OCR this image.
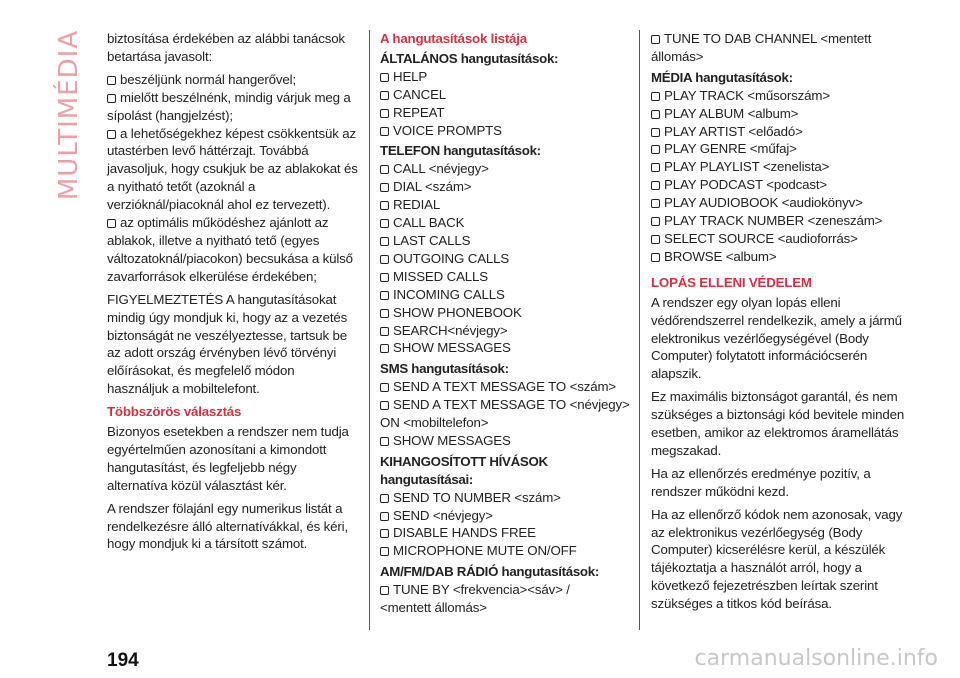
MULTIMÉDIA biztosítása érdekében az alábbi tanácsok betartása javasolt:

beszéljünk normál hangerővel;
mielőtt beszélnénk, mindig várjuk meg a sípolást (hangjelzést);
a lehetőségekhez képest csökkentsük az utastérben levő háttérzajt. Továbbá javasoljuk, hogy csukjuk be az ablakokat és a nyitható tetőt (azoknál a verzióknál/piacoknál ahol ez tervezett).
az optimális működéshez ajánlott az ablakok, illetve a nyitható tető (egyes változatoknál/piacokon) becsukása a külső zavarforrások elkerülése érdekében;

FIGYELMEZTETÉS A hangutasításokat mindig úgy mondjuk ki, hogy az a vezetés biztonságát ne veszélyeztesse, tartsuk be az adott ország érvényben lévő törvényi előírásokat, és megfelelő módon használjuk a mobiltelefont.

Többszörös választás

Bizonyos esetekben a rendszer nem tudja egyértelműen azonosítani a kimondott hangutasítást, és legfeljebb négy alternatíva közül választást kér.

A rendszer fölajánl egy numerikus listát a rendelkezésre álló alternatívákkal, és kéri, hogy mondjuk ki a társított számot.

A hangutasítások listája
ÁLTALÁNOS hangutasítások:
HELP
CANCEL
REPEAT
VOICE PROMPTS
TELEFON hangutasítások:
CALL <névjegy>
DIAL <szám>
REDIAL
CALL BACK
LAST CALLS
OUTGOING CALLS
MISSED CALLS
INCOMING CALLS
SHOW PHONEBOOK
SEARCH<névjegy>
SHOW MESSAGES
SMS hangutasítások:
SEND A TEXT MESSAGE TO <szám>
SEND A TEXT MESSAGE TO <névjegy>
ON <mobiltelefon>
SHOW MESSAGES
KIHANGOSÍTOTT HÍVÁSOK hangutasításai:
SEND TO NUMBER <szám>
SEND <névjegy>
DISABLE HANDS FREE
MICROPHONE MUTE ON/OFF
AM/FM/DAB RÁDIÓ hangutasítások:
TUNE BY <frekvencia><sáv> /
<mentett állomás>
TUNE TO DAB CHANNEL <mentett
állomás>
MÉDIA hangutasítások:
PLAY TRACK <műsorszám>
PLAY ALBUM <album>
PLAY ARTIST <előadó>
PLAY GENRE <műfaj>
PLAY PLAYLIST <zenelista>
PLAY PODCAST <podcast>
PLAY AUDIOBOOK <audiokönyv>
PLAY TRACK NUMBER <zeneszám>
SELECT SOURCE <audioforrás>
BROWSE <album>
LOPÁS ELLENI VÉDELEM

A rendszer egy olyan lopás elleni védőrendszerrel rendelkezik, amely a jármű elektronikus vezérlőegységével (Body Computer) folytatott információcserén alapszik.

Ez maximális biztonságot garantál, és nem szükséges a biztonsági kód bevitele minden esetben, amikor az elektromos áramellátás megszakad.

Ha az ellenőrzés eredménye pozitív, a rendszer működni kezd.

Ha az ellenőrző kódok nem azonosak, vagy az elektronikus vezérlőegység (Body Computer) kicserélésre kerül, a készülék tájékoztatja a használót arról, hogy a következő fejezetrészben leírtak szerint szükséges a titkos kód beírása.

194	carmanualsonline.info
